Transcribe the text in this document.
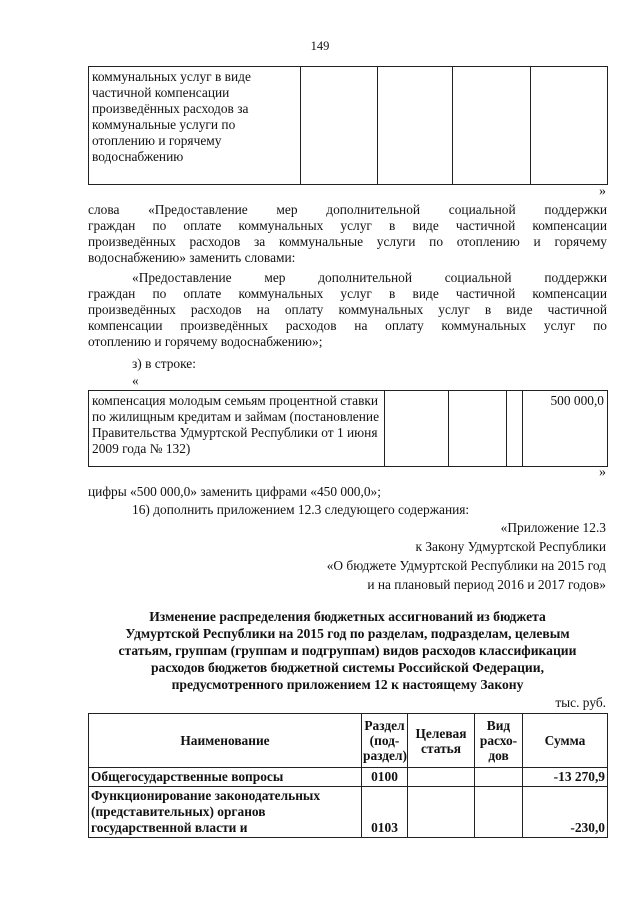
149
коммунальных услуг в виде частичной компенсации произведённых расходов за коммунальные услуги по отоплению и горячему водоснабжению				
»
слова «Предоставление мер дополнительной социальной поддержки
граждан по оплате коммунальных услуг в виде частичной компенсации
произведённых расходов за коммунальные услуги по отоплению и горячему
водоснабжению» заменить словами:
«Предоставление мер дополнительной социальной поддержки
граждан по оплате коммунальных услуг в виде частичной компенсации
произведённых расходов на оплату коммунальных услуг в виде частичной
компенсации произведённых расходов на оплату коммунальных услуг по
отоплению и горячему водоснабжению»;
з) в строке:
«
компенсация молодым семьям процентной ставки по жилищным кредитам и займам (постановление Правительства Удмуртской Республики от 1 июня 2009 года № 132)				500 000,0
»
цифры «500 000,0» заменить цифрами «450 000,0»;
16) дополнить приложением 12.3 следующего содержания:
«Приложение 12.3
к Закону Удмуртской Республики
«О бюджете Удмуртской Республики на 2015 год
и на плановый период 2016 и 2017 годов»
Изменение распределения бюджетных ассигнований из бюджета
Удмуртской Республики на 2015 год по разделам, подразделам, целевым
статьям, группам (группам и подгруппам) видов расходов классификации
расходов бюджетов бюджетной системы Российской Федерации,
предусмотренного приложением 12 к настоящему Закону
тыс. руб.
Наименование	Раздел (под-раздел)	Целевая статья	Вид расхо-дов	Сумма
Общегосударственные вопросы	0100			-13 270,9
Функционирование законодательных (представительных) органов государственной власти и	0103			-230,0
